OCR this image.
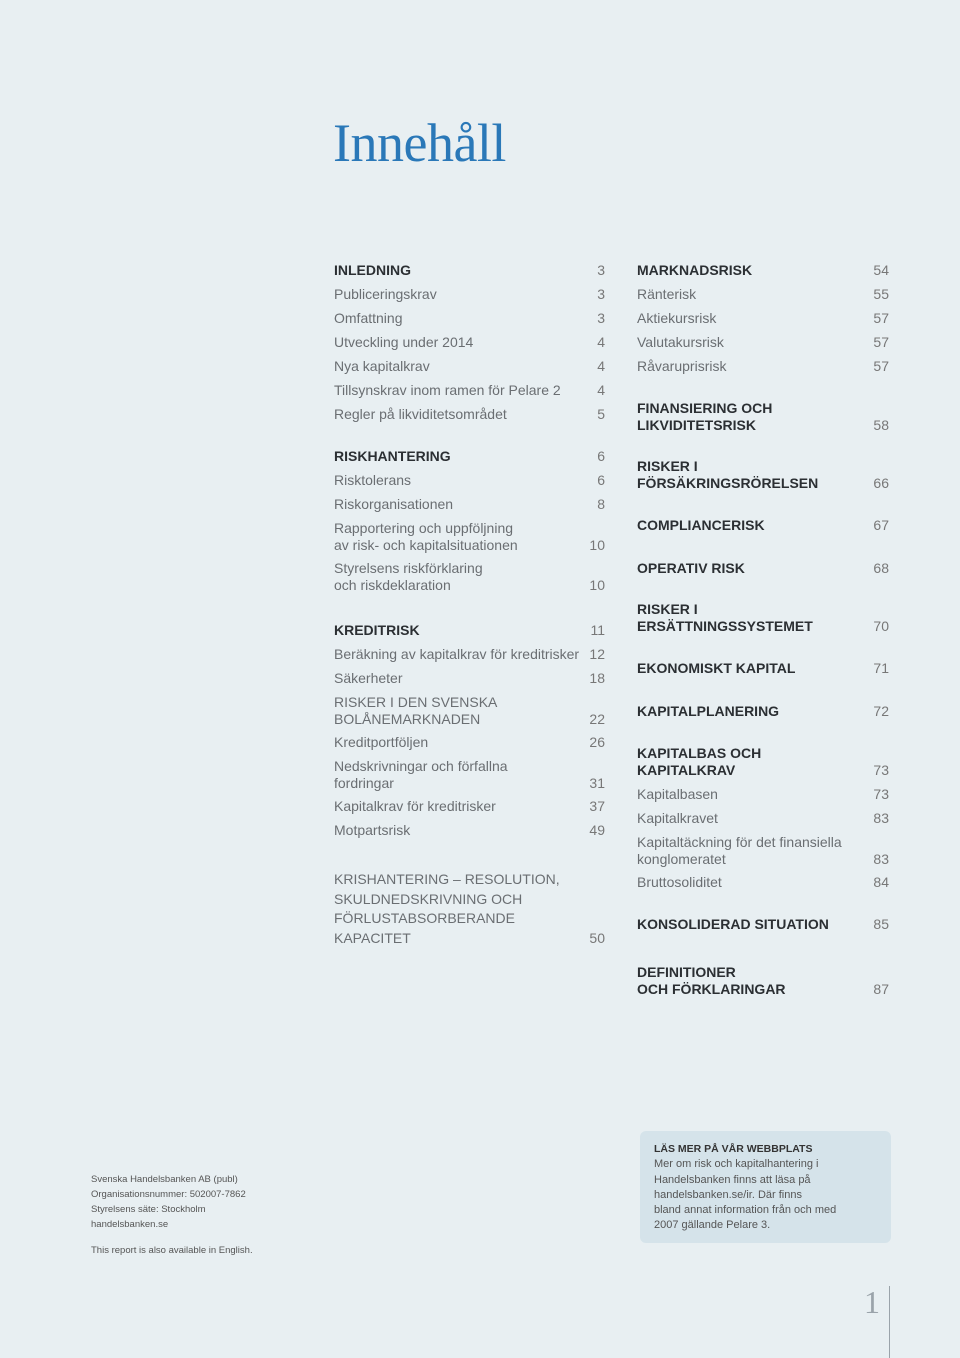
Innehåll
INLEDNING	3
Publiceringskrav	3
Omfattning	3
Utveckling under 2014	4
Nya kapitalkrav	4
Tillsynskrav inom ramen för Pelare 2	4
Regler på likviditetsområdet	5
RISKHANTERING	6
Risktolerans	6
Riskorganisationen	8
Rapportering och uppföljning
av risk- och kapitalsituationen	10
Styrelsens riskförklaring
och riskdeklaration	10
KREDITRISK	11
Beräkning av kapitalkrav för kreditrisker 12
Säkerheter	18
RISKER I DEN SVENSKA
BOLÅNEMARKNADEN	22
Kreditportföljen	26
Nedskrivningar och förfallna
fordringar	31
Kapitalkrav för kreditrisker	37
Motpartsrisk	49
KRISHANTERING – RESOLUTION,
SKULDNEDSKRIVNING OCH
FÖRLUSTABSORBERANDE
KAPACITET	50
MARKNADSRISK	54
Ränterisk	55
Aktiekursrisk	57
Valutakursrisk	57
Råvaruprisrisk	57
FINANSIERING OCH
LIKVIDITETSRISK	58
RISKER I
FÖRSÄKRINGSRÖRELSEN	66
COMPLIANCERISK	67
OPERATIV RISK	68
RISKER I
ERSÄTTNINGSSYSTEMET	70
EKONOMISKT KAPITAL	71
KAPITALPLANERING	72
KAPITALBAS OCH
KAPITALKRAV	73
Kapitalbasen	73
Kapitalkravet	83
Kapitaltäckning för det finansiella
konglomeratet	83
Bruttosoliditet	84
KONSOLIDERAD SITUATION	85
DEFINITIONER
OCH FÖRKLARINGAR	87
Svenska Handelsbanken AB (publ)
Organisationsnummer: 502007-7862
Styrelsens säte: Stockholm
handelsbanken.se
This report is also available in English.
LÄS MER PÅ VÅR WEBBPLATS
Mer om risk och kapitalhantering i
Handelsbanken finns att läsa på
handelsbanken.se/ir. Där finns
bland annat information från och med
2007 gällande Pelare 3.
1
